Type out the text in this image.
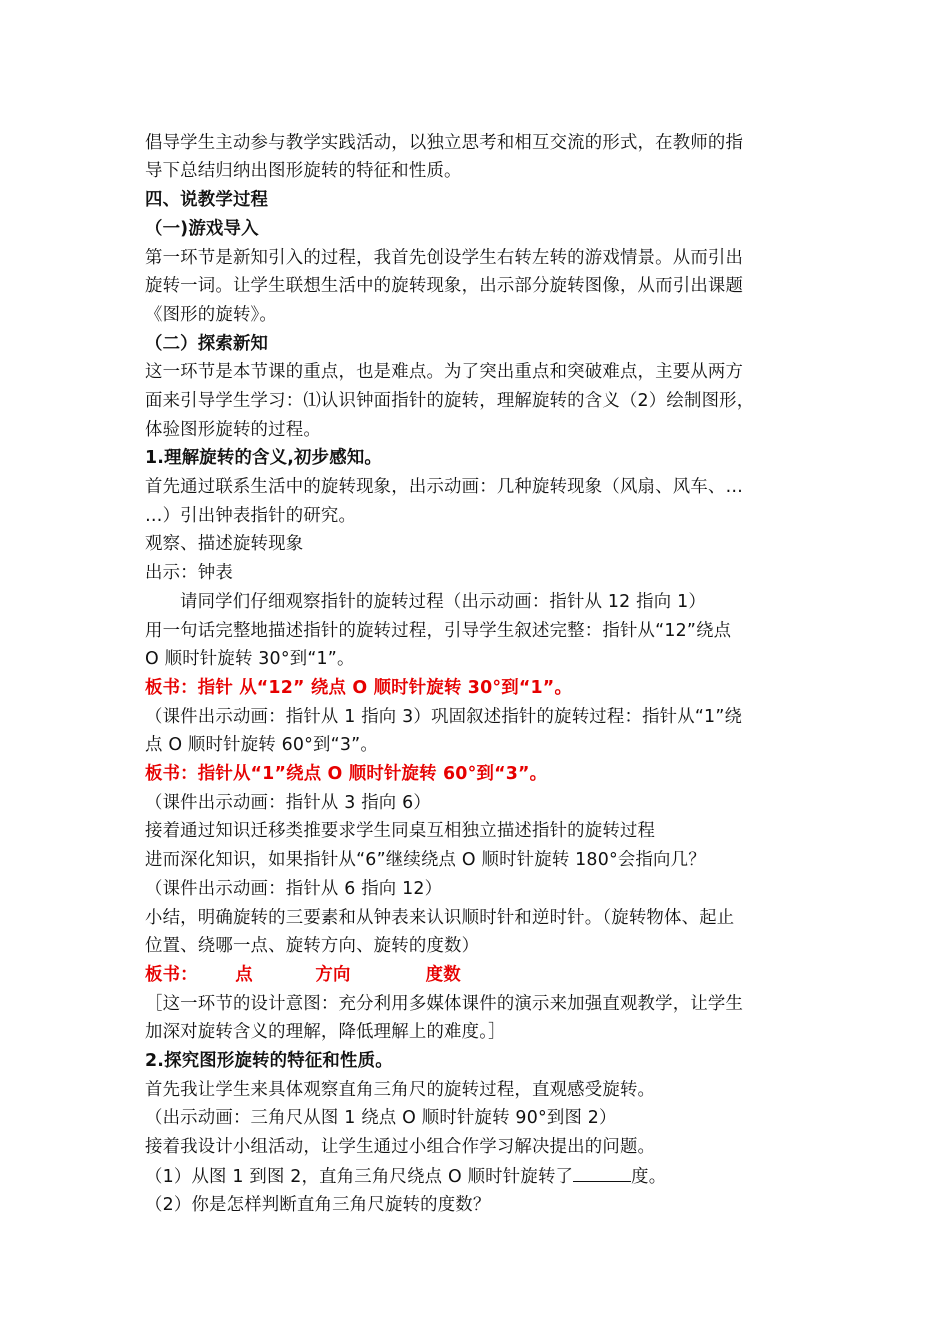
倡导学生主动参与教学实践活动，以独立思考和相互交流的形式，在教师的指

导下总结归纳出图形旋转的特征和性质。

四、说教学过程

（一)游戏导入

第一环节是新知引入的过程，我首先创设学生右转左转的游戏情景。从而引出

旋转一词。让学生联想生活中的旋转现象，出示部分旋转图像，从而引出课题

《图形的旋转》。

（二）探索新知

这一环节是本节课的重点，也是难点。为了突出重点和突破难点，主要从两方

面来引导学生学习：⑴认识钟面指针的旋转，理解旋转的含义（2）绘制图形，

体验图形旋转的过程。

1.理解旋转的含义,初步感知。

首先通过联系生活中的旋转现象，出示动画：几种旋转现象（风扇、风车、…

…）引出钟表指针的研究。

观察、描述旋转现象

出示：钟表

请同学们仔细观察指针的旋转过程（出示动画：指针从 12 指向 1）

用一句话完整地描述指针的旋转过程，引导学生叙述完整：指针从“12”绕点

O 顺时针旋转 30°到“1”。

板书：指针 从“12” 绕点 O 顺时针旋转 30°到“1”。

（课件出示动画：指针从 1 指向 3）巩固叙述指针的旋转过程：指针从“1”绕

点 O 顺时针旋转 60°到“3”。

板书：指针从“1”绕点 O 顺时针旋转 60°到“3”。

（课件出示动画：指针从 3 指向 6）

接着通过知识迁移类推要求学生同桌互相独立描述指针的旋转过程

进而深化知识，如果指针从“6”继续绕点 O 顺时针旋转 180°会指向几？

（课件出示动画：指针从 6 指向 12）

小结，明确旋转的三要素和从钟表来认识顺时针和逆时针。（旋转物体、起止

位置、绕哪一点、旋转方向、旋转的度数）

板书：      点          方向            度数

［这一环节的设计意图：充分利用多媒体课件的演示来加强直观教学，让学生

加深对旋转含义的理解，降低理解上的难度。］

2.探究图形旋转的特征和性质。

首先我让学生来具体观察直角三角尺的旋转过程，直观感受旋转。

（出示动画：三角尺从图 1 绕点 O 顺时针旋转 90°到图 2）

接着我设计小组活动，让学生通过小组合作学习解决提出的问题。

（1）从图 1 到图 2，直角三角尺绕点 O 顺时针旋转了	度。

（2）你是怎样判断直角三角尺旋转的度数？
